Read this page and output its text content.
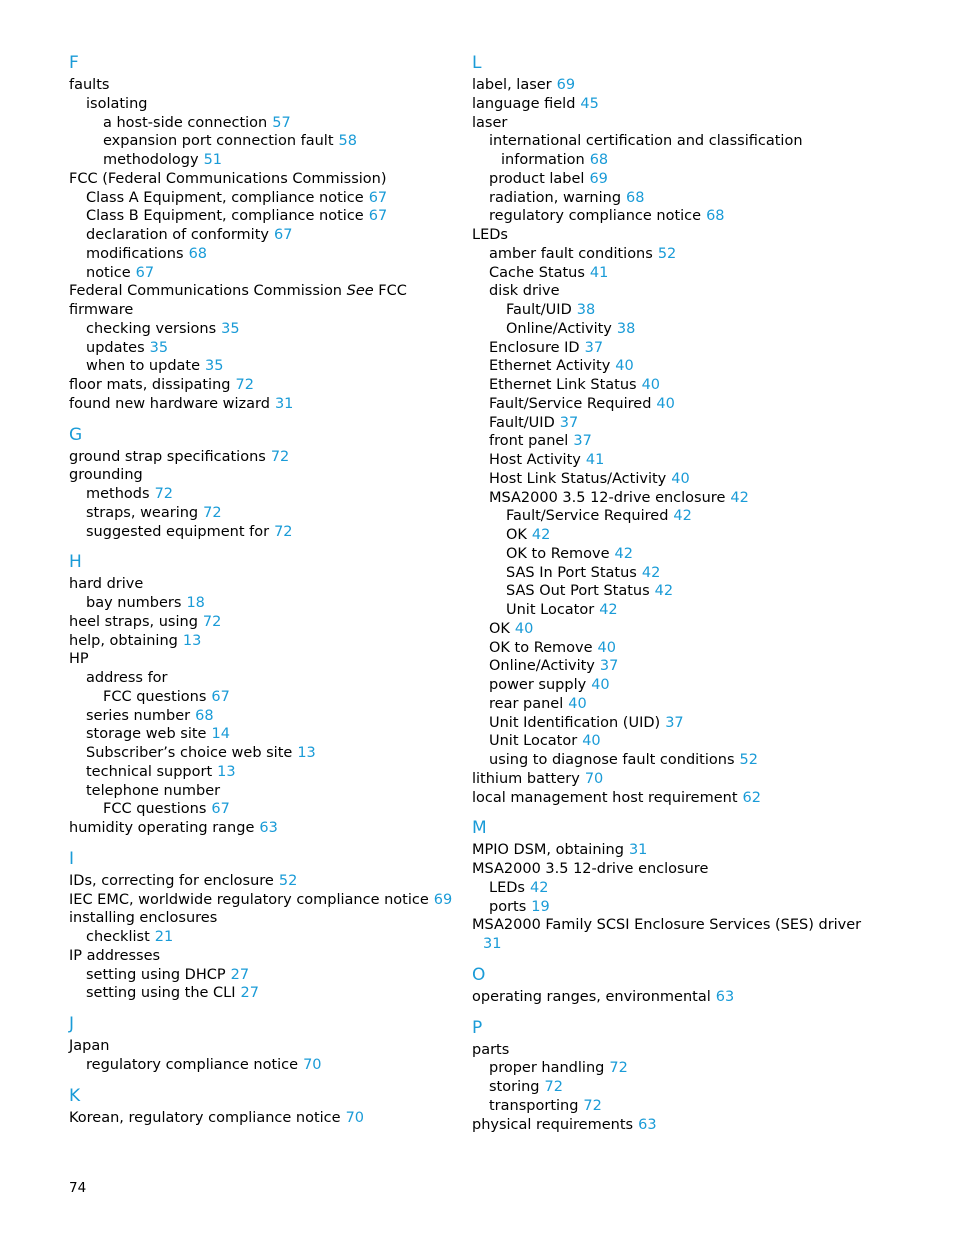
F
faults
isolating
a host-side connection 57
expansion port connection fault 58
methodology 51
FCC (Federal Communications Commission)
Class A Equipment, compliance notice 67
Class B Equipment, compliance notice 67
declaration of conformity 67
modifications 68
notice 67
Federal Communications Commission See FCC
firmware
checking versions 35
updates 35
when to update 35
floor mats, dissipating 72
found new hardware wizard 31
G
ground strap specifications 72
grounding
methods 72
straps, wearing 72
suggested equipment for 72
H
hard drive
bay numbers 18
heel straps, using 72
help, obtaining 13
HP
address for
FCC questions 67
series number 68
storage web site 14
Subscriber’s choice web site 13
technical support 13
telephone number
FCC questions 67
humidity operating range 63
I
IDs, correcting for enclosure 52
IEC EMC, worldwide regulatory compliance notice 69
installing enclosures
checklist 21
IP addresses
setting using DHCP 27
setting using the CLI 27
J
Japan
regulatory compliance notice 70
K
Korean, regulatory compliance notice 70
L
label, laser 69
language field 45
laser
international certification and classification
information 68
product label 69
radiation, warning 68
regulatory compliance notice 68
LEDs
amber fault conditions 52
Cache Status 41
disk drive
Fault/UID 38
Online/Activity 38
Enclosure ID 37
Ethernet Activity 40
Ethernet Link Status 40
Fault/Service Required 40
Fault/UID 37
front panel 37
Host Activity 41
Host Link Status/Activity 40
MSA2000 3.5 12-drive enclosure 42
Fault/Service Required 42
OK 42
OK to Remove 42
SAS In Port Status 42
SAS Out Port Status 42
Unit Locator 42
OK 40
OK to Remove 40
Online/Activity 37
power supply 40
rear panel 40
Unit Identification (UID) 37
Unit Locator 40
using to diagnose fault conditions 52
lithium battery 70
local management host requirement 62
M
MPIO DSM, obtaining 31
MSA2000 3.5 12-drive enclosure
LEDs 42
ports 19
MSA2000 Family SCSI Enclosure Services (SES) driver
31
O
operating ranges, environmental 63
P
parts
proper handling 72
storing 72
transporting 72
physical requirements 63
74
